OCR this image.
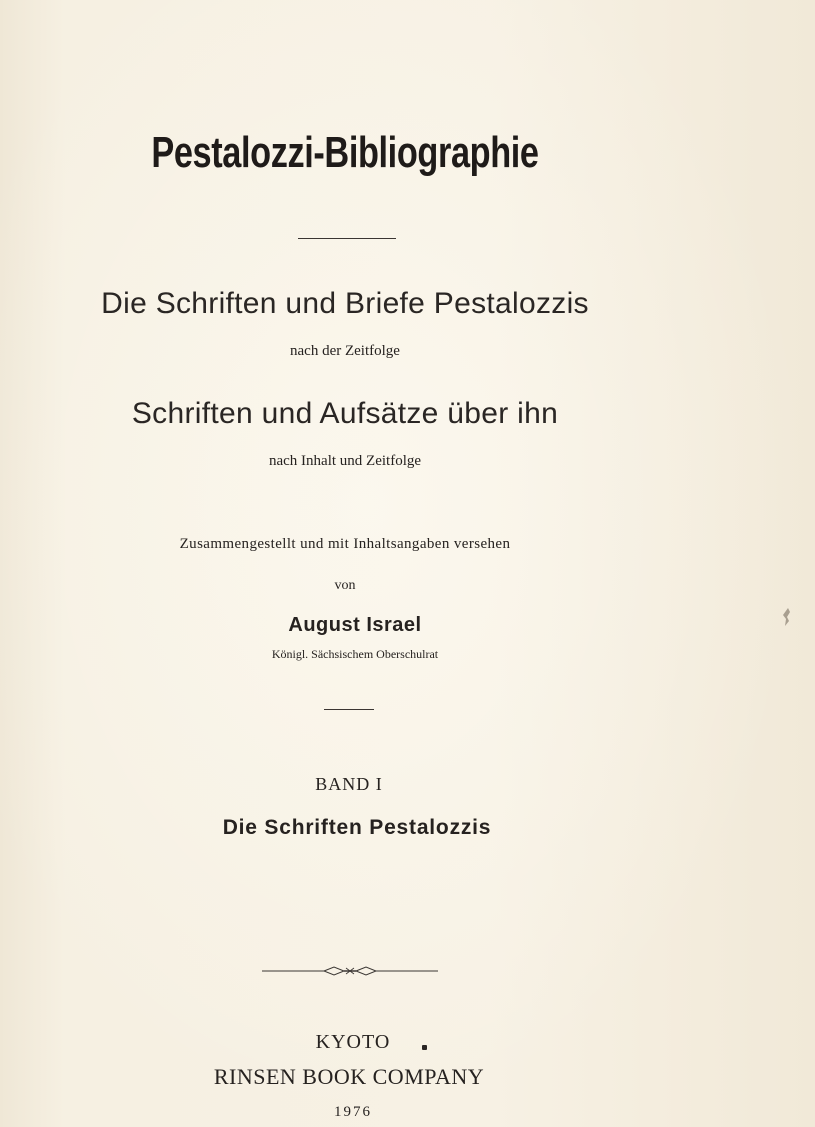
Pestalozzi-Bibliographie
Die Schriften und Briefe Pestalozzis
nach der Zeitfolge
Schriften und Aufsätze über ihn
nach Inhalt und Zeitfolge
Zusammengestellt und mit Inhaltsangaben versehen
von
August Israel
Königl. Sächsischem Oberschulrat
BAND I
Die Schriften Pestalozzis
KYOTO
RINSEN BOOK COMPANY
1976
